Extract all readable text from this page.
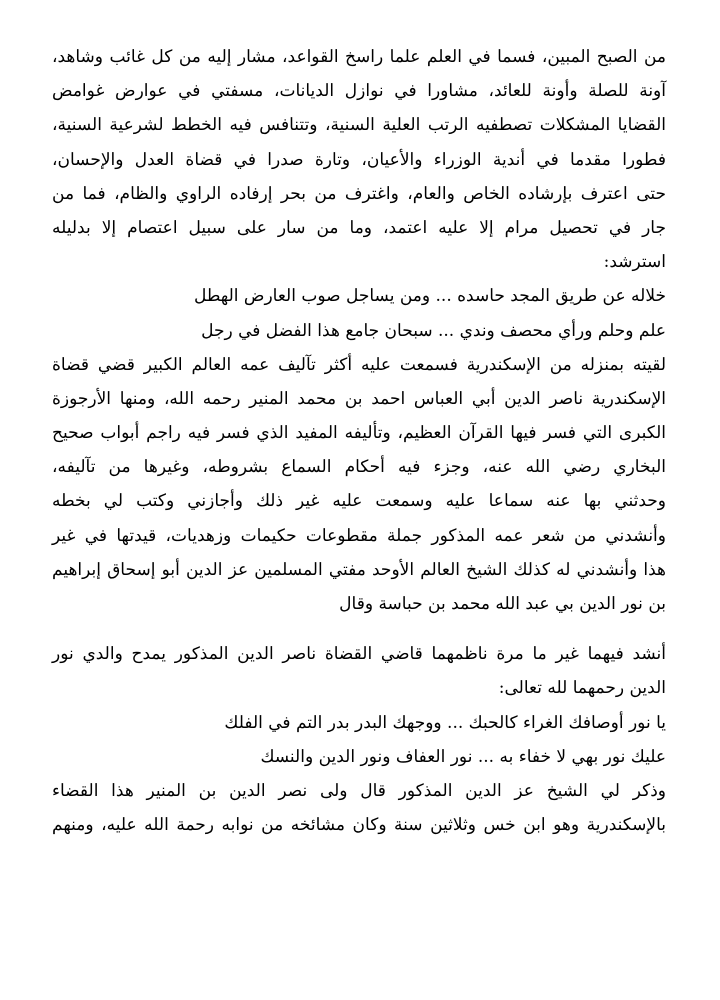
من الصبح المبين، فسما في العلم علما راسخ القواعد، مشار إليه من كل غائب وشاهد،
آونة للصلة وأونة للعائد، مشاورا في نوازل الديانات، مسفتي في عوارض غوامض
القضايا المشكلات تصطفيه الرتب العلية السنية، وتتنافس فيه الخطط لشرعية السنية،
فطورا مقدما في أندية الوزراء والأعيان، وتارة صدرا في قضاة العدل والإحسان،
حتى اعترف بإرشاده الخاص والعام، واغترف من بحر إرفاده الراوي والظام، فما من
جار في تحصيل مرام إلا عليه اعتمد، وما من سار على سبيل اعتصام إلا بدليله
استرشد:
خلاله عن طريق المجد حاسده ... ومن يساجل صوب العارض الهطل
علم وحلم ورأي محصف وندي ... سبحان جامع هذا الفضل في رجل
لقيته بمنزله من الإسكندرية فسمعت عليه أكثر تآليف عمه العالم الكبير قضي قضاة
الإسكندرية ناصر الدين أبي العباس احمد بن محمد المنير رحمه الله، ومنها الأرجوزة
الكبرى التي فسر فيها القرآن العظيم، وتأليفه المفيد الذي فسر فيه راجم أبواب صحيح
البخاري رضي الله عنه، وجزء فيه أحكام السماع بشروطه، وغيرها من تآليفه،
وحدثني بها عنه سماعا عليه وسمعت عليه غير ذلك وأجازني وكتب لي بخطه
وأنشدني من شعر عمه المذكور جملة مقطوعات حكيمات وزهديات، قيدتها في غير
هذا وأنشدني له كذلك الشيخ العالم الأوحد مفتي المسلمين عز الدين أبو إسحاق إبراهيم
بن نور الدين بي عبد الله محمد بن حباسة وقال
أنشد فيهما غير ما مرة ناظمهما قاضي القضاة ناصر الدين المذكور يمدح والدي نور
الدين رحمهما لله تعالى:
يا نور أوصافك الغراء كالحبك ... ووجهك البدر بدر التم في الفلك
عليك نور بهي لا خفاء به ... نور العفاف ونور الدين والنسك
وذكر لي الشيخ عز الدين المذكور قال ولى نصر الدين بن المنير هذا القضاء
بالإسكندرية وهو ابن خس وثلاثين سنة وكان مشائخه من نوابه رحمة الله عليه، ومنهم
